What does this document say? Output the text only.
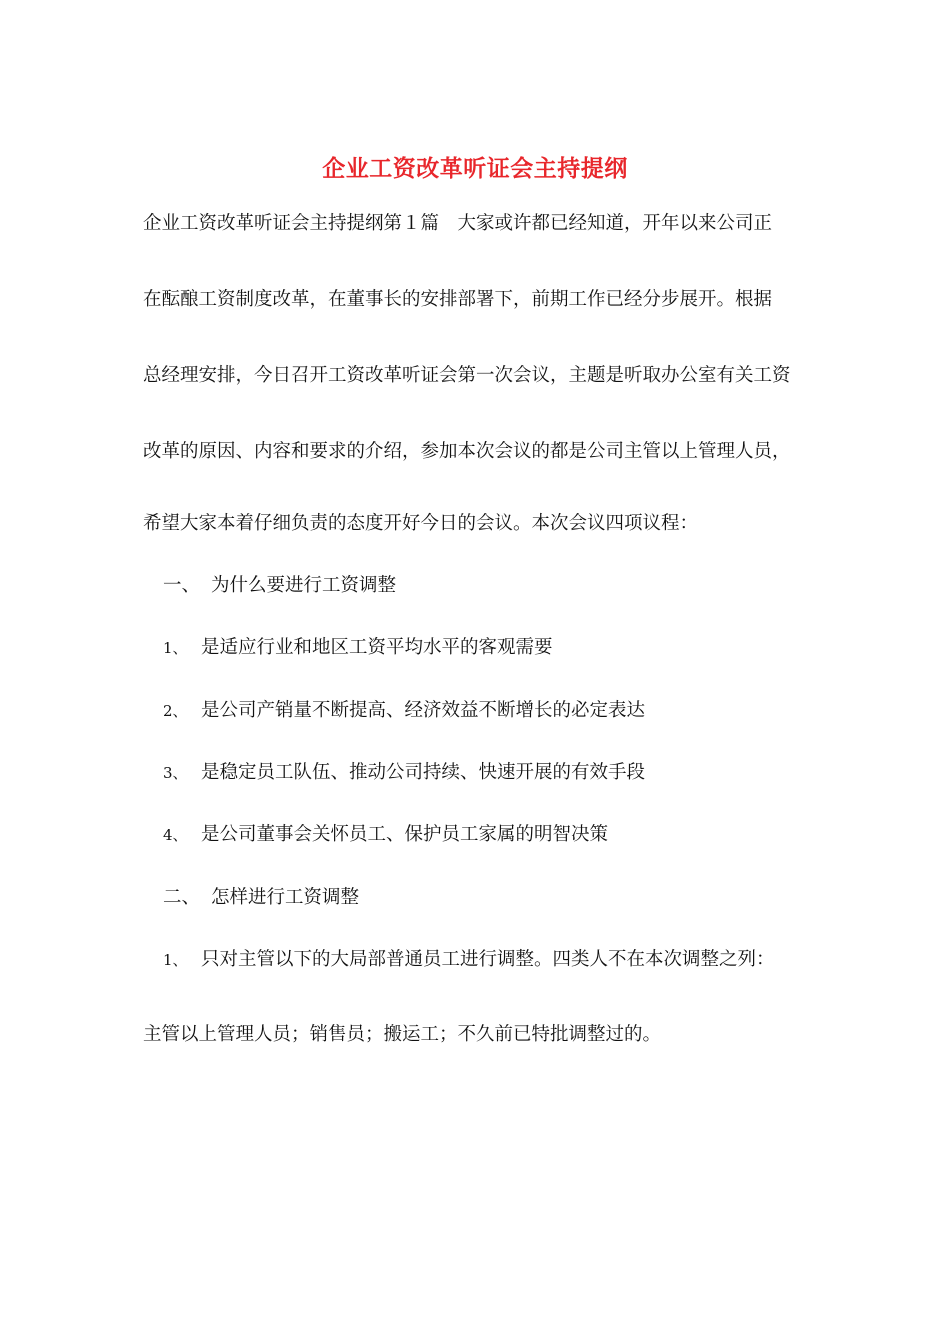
企业工资改革听证会主持提纲
企业工资改革听证会主持提纲第１篇　大家或许都已经知道，开年以来公司正
在酝酿工资制度改革，在董事长的安排部署下，前期工作已经分步展开。根据
总经理安排，今日召开工资改革听证会第一次会议，主题是听取办公室有关工资
改革的原因、内容和要求的介绍，参加本次会议的都是公司主管以上管理人员，
希望大家本着仔细负责的态度开好今日的会议。本次会议四项议程：
一、 为什么要进行工资调整
1、 是适应行业和地区工资平均水平的客观需要
2、 是公司产销量不断提高、经济效益不断增长的必定表达
3、 是稳定员工队伍、推动公司持续、快速开展的有效手段
4、 是公司董事会关怀员工、保护员工家属的明智决策
二、 怎样进行工资调整
1、 只对主管以下的大局部普通员工进行调整。四类人不在本次调整之列：
主管以上管理人员；销售员；搬运工；不久前已特批调整过的。
